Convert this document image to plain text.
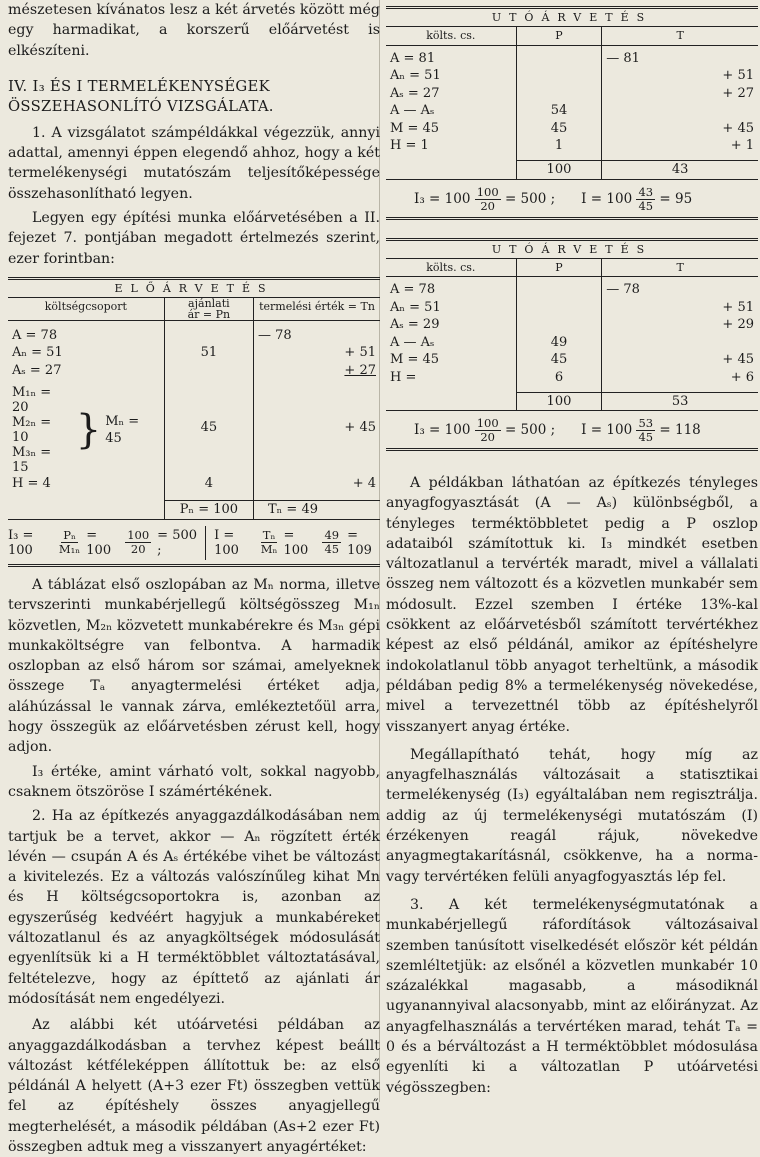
mészetesen kívánatos lesz a két árvetés között még egy harmadikat, a korszerű előárvetést is elkészíteni.

IV. I₃ ÉS I TERMELÉKENYSÉGEK ÖSSZEHASONLÍTÓ VIZSGÁLATA.

1. A vizsgálatot számpéldákkal végezzük, annyi adattal, amennyi éppen elegendő ahhoz, hogy a két termelékenységi mutatószám teljesítőképessége összehasonlítható legyen.

Legyen egy építési munka előárvetésében a II. fejezet 7. pontjában megadott értelmezés szerint, ezer forintban:

ELŐÁRVETÉS
költségcsoport	ajánlati
ár = Pn	termelési érték = Tn

A = 78		— 78
Aₙ = 51	51	+ 51
Aₛ = 27		+ 27

M₁ₙ = 20
M₂ₙ = 10
M₃ₙ = 15
} Mₙ = 45	45	+ 45
H = 4	4	+ 4

	Pₙ = 100	Tₙ = 49
I₃ = 100	$\frac{\text{Pₙ}}{\text{M₁ₙ}} = 100$	$\frac{100}{20} = 500$ ;
I = 100	$\frac{\text{Tₙ}}{\text{Mₙ}} = 100$	$\frac{49}{45} = 109$

A táblázat első oszlopában az Mₙ norma, illetve tervszerinti munkabérjellegű költségösszeg M₁ₙ közvetlen, M₂ₙ közvetett munkabérekre és M₃ₙ gépi munkaköltségre van felbontva. A harmadik oszlopban az első három sor számai, amelyeknek összege Tₐ anyagtermelési értéket adja, aláhúzással le vannak zárva, emlékeztetőül arra, hogy összegük az előárvetésben zérust kell, hogy adjon.

I₃ értéke, amint várható volt, sokkal nagyobb, csaknem ötszöröse I számértékének.

2. Ha az építkezés anyaggazdálkodásában nem tartjuk be a tervet, akkor — Aₙ rögzített érték lévén — csupán A és Aₛ értékébe vihet be változást a kivitelezés. Ez a változás valószínűleg kihat Mn és H költségcsoportokra is, azonban az egyszerűség kedvéért hagyjuk a munkabéreket változatlanul és az anyagköltségek módosulását egyenlítsük ki a H terméktöbblet változtatásával, feltételezve, hogy az építtető az ajánlati ár módosítását nem engedélyezi.

Az alábbi két utóárvetési példában az anyaggazdálkodásban a tervhez képest beállt változást kétféleképpen állítottuk be: az első példánál A helyett (A+3 ezer Ft) összegben vettük fel az építéshely összes anyagjellegű megterhelését, a második példában (As+2 ezer Ft) összegben adtuk meg a visszanyert anyagértéket:

UTÓÁRVETÉS
költs. cs.	P	T	

A = 81		— 81	
Aₙ = 51			+ 51
Aₛ = 27			+ 27
A — Aₛ	54		
M = 45	45		+ 45
H = 1	1		+ 1

	100	43	
$I_3 = 100 \frac{100}{20} = 500$ ; $I = 100 \frac{43}{45} = 95$
UTÓÁRVETÉS
költs. cs.	P	T	

A = 78		— 78	
Aₙ = 51			+ 51
Aₛ = 29			+ 29
A — Aₛ	49		
M = 45	45		+ 45
H =	6		+ 6

	100	53	
$I_3 = 100 \frac{100}{20} = 500$ ; $I = 100 \frac{53}{45} = 118$

A példákban láthatóan az építkezés tényleges anyagfogyasztását (A — Aₛ) különbségből, a tényleges terméktöbbletet pedig a P oszlop adataiból számítottuk ki. I₃ mindkét esetben változatlanul a tervérték maradt, mivel a vállalati összeg nem változott és a közvetlen munkabér sem módosult. Ezzel szemben I értéke 13%-kal csökkent az előárvetésből számított tervértékhez képest az első példánál, amikor az építéshelyre indokolatlanul több anyagot terheltünk, a második példában pedig 8% a termelékenység növekedése, mivel a tervezettnél több az építéshelyről visszanyert anyag értéke.

Megállapítható tehát, hogy míg az anyagfelhasználás változásait a statisztikai termelékenység (I₃) egyáltalában nem regisztrálja. addig az új termelékenységi mutatószám (I) érzékenyen reagál rájuk, növekedve anyagmegtakarításnál, csökkenve, ha a norma- vagy tervértéken felüli anyagfogyasztás lép fel.

3. A két termelékenységmutatónak a munkabérjellegű ráfordítások változásaival szemben tanúsított viselkedését először két példán szemléltetjük: az elsőnél a közvetlen munkabér 10 százalékkal magasabb, a másodiknál ugyanannyival alacsonyabb, mint az előirányzat. Az anyagfelhasználás a tervértéken marad, tehát Tₐ = 0 és a bérváltozást a H terméktöbblet módosulása egyenlíti ki a változatlan P utóárvetési végösszegben:
